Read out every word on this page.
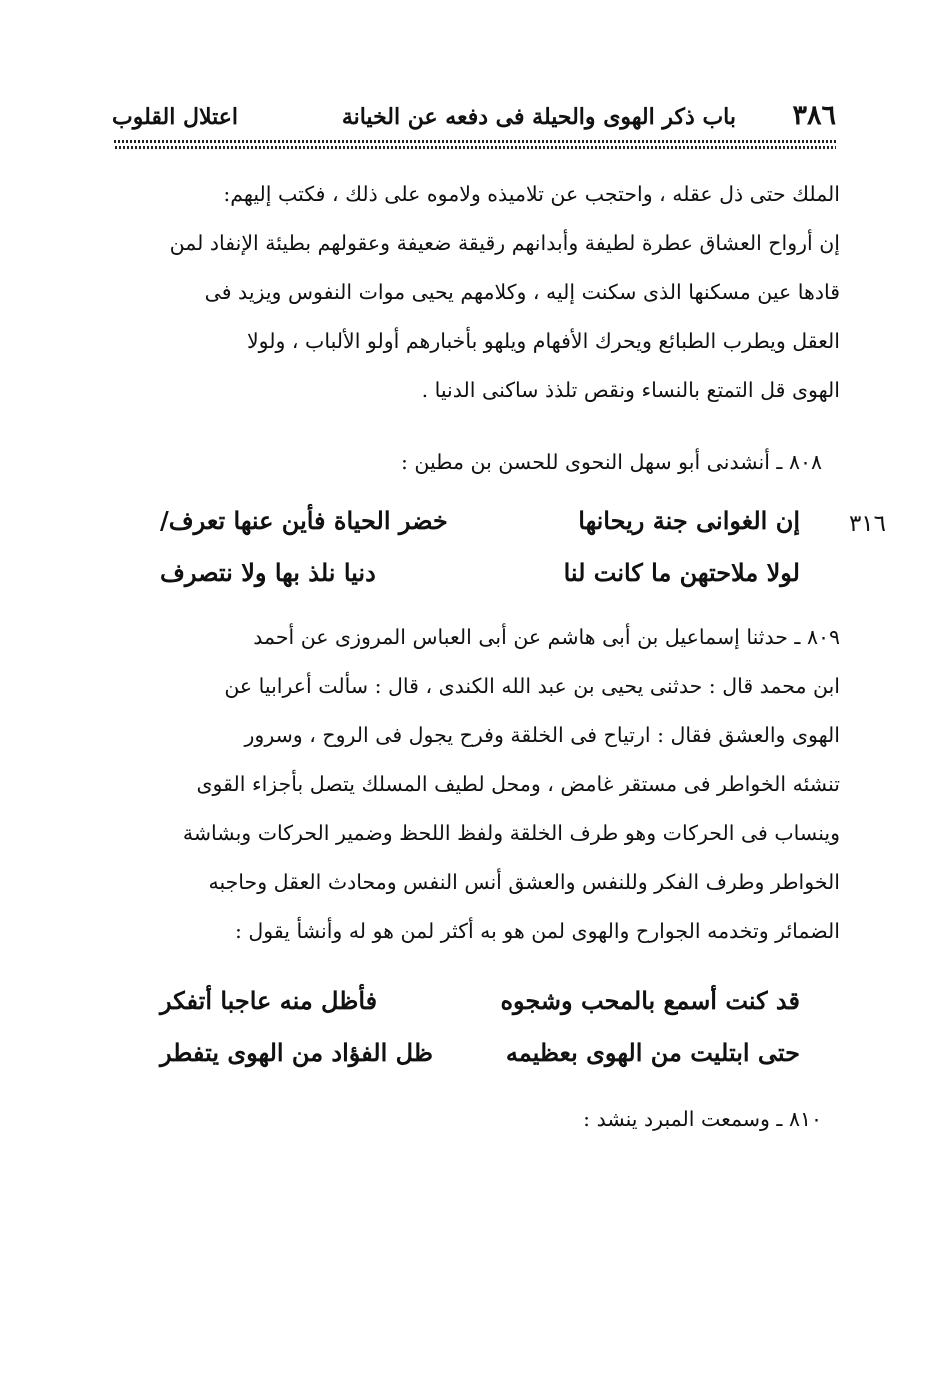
٣٨٦
باب ذكر الهوى والحيلة فى دفعه عن الخيانة
اعتلال القلوب

الملك حتى ذل عقله ، واحتجب عن تلاميذه ولاموه على ذلك ، فكتب إليهم:
إن أرواح العشاق عطرة لطيفة وأبدانهم رقيقة ضعيفة وعقولهم بطيئة الإنفاد لمن
قادها عين مسكنها الذى سكنت إليه ، وكلامهم يحيى موات النفوس ويزيد فى
العقل ويطرب الطبائع ويحرك الأفهام ويلهو بأخبارهم أولو الألباب ، ولولا
الهوى قل التمتع بالنساء ونقص تلذذ ساكنى الدنيا .

٨٠٨ ـ أنشدنى أبو سهل النحوى للحسن بن مطين :

٣١٦
إن الغوانى جنة ريحانها
خضر الحياة فأين عنها تعرف/
لولا ملاحتهن ما كانت لنا
دنيا نلذ بها ولا نتصرف

٨٠٩ ـ حدثنا إسماعيل بن أبى هاشم عن أبى العباس المروزى عن أحمد
ابن محمد قال : حدثنى يحيى بن عبد الله الكندى ، قال : سألت أعرابيا عن
الهوى والعشق فقال : ارتياح فى الخلقة وفرح يجول فى الروح ، وسرور
تنشئه الخواطر فى مستقر غامض ، ومحل لطيف المسلك يتصل بأجزاء القوى
وينساب فى الحركات وهو طرف الخلقة ولفظ اللحظ وضمير الحركات وبشاشة
الخواطر وطرف الفكر وللنفس والعشق أنس النفس ومحادث العقل وحاجبه
الضمائر وتخدمه الجوارح والهوى لمن هو به أكثر لمن هو له وأنشأ يقول :

قد كنت أسمع بالمحب وشجوه
فأظل منه عاجبا أتفكر
حتى ابتليت من الهوى بعظيمه
ظل الفؤاد من الهوى يتفطر

٨١٠ ـ وسمعت المبرد ينشد :
